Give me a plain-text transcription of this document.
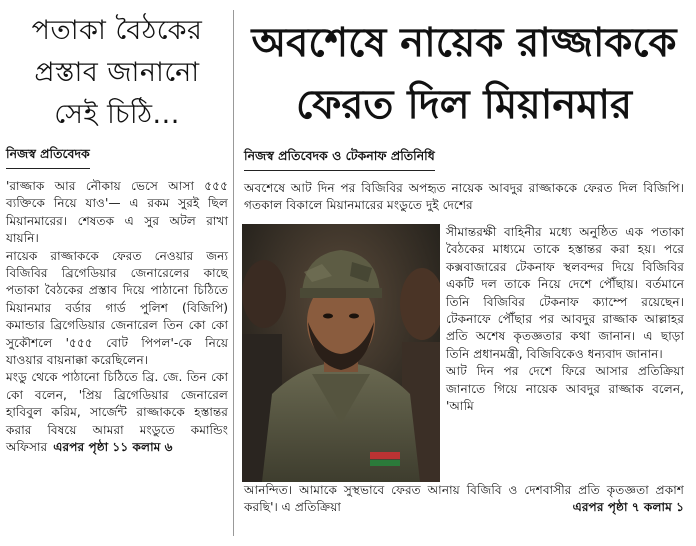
পতাকা বৈঠকের
প্রস্তাব জানানো
সেই চিঠি...
নিজস্ব প্রতিবেদক

'রাজ্জাক আর নৌকায় ভেসে আসা ৫৫৫ ব্যক্তিকে নিয়ে যাও'— এ রকম সুরই ছিল মিয়ানমারের। শেষতক এ সুর অটল রাখা যায়নি।

নায়েক রাজ্জাককে ফেরত নেওয়ার জন্য বিজিবির ব্রিগেডিয়ার জেনারেলের কাছে পতাকা বৈঠকের প্রস্তাব দিয়ে পাঠানো চিঠিতে মিয়ানমার বর্ডার গার্ড পুলিশ (বিজিপি) কমান্ডার ব্রিগেডিয়ার জেনারেল তিন কো কো সুকৌশলে '৫৫৫ বোট পিপল'-কে নিয়ে যাওয়ার বায়নাক্কা করেছিলেন।

মংডু থেকে পাঠানো চিঠিতে ব্রি. জে. তিন কো কো বলেন, 'প্রিয় ব্রিগেডিয়ার জেনারেল হাবিবুল করিম, সার্জেন্ট রাজ্জাককে হস্তান্তর করার বিষয়ে আমরা মংডুতে কমান্ডিং অফিসার এরপর পৃষ্ঠা ১১ কলাম ৬

অবশেষে নায়েক রাজ্জাককে
ফেরত দিল মিয়ানমার
নিজস্ব প্রতিবেদক ও টেকনাফ প্রতিনিধি
অবশেষে আট দিন পর বিজিবির অপহৃত নায়েক আবদুর রাজ্জাককে ফেরত দিল বিজিপি। গতকাল বিকালে মিয়ানমারের মংডুতে দুই দেশের

সীমান্তরক্ষী বাহিনীর মধ্যে অনুষ্ঠিত এক পতাকা বৈঠকের মাধ্যমে তাকে হস্তান্তর করা হয়। পরে কক্সবাজারের টেকনাফ স্থলবন্দর দিয়ে বিজিবির একটি দল তাকে নিয়ে দেশে পৌঁছায়। বর্তমানে তিনি বিজিবির টেকনাফ ক্যাম্পে রয়েছেন। টেকনাফে পৌঁছার পর আবদুর রাজ্জাক আল্লাহর প্রতি অশেষ কৃতজ্ঞতার কথা জানান। এ ছাড়া তিনি প্রধানমন্ত্রী, বিজিবিকেও ধন্যবাদ জানান।

আট দিন পর দেশে ফিরে আসার প্রতিক্রিয়া জানাতে গিয়ে নায়েক আবদুর রাজ্জাক বলেন, 'আমি

আনন্দিত। আমাকে সুস্থভাবে ফেরত আনায় বিজিবি ও দেশবাসীর প্রতি কৃতজ্ঞতা প্রকাশ করছি'। এ প্রতিক্রিয়া	এরপর পৃষ্ঠা ৭ কলাম ১
